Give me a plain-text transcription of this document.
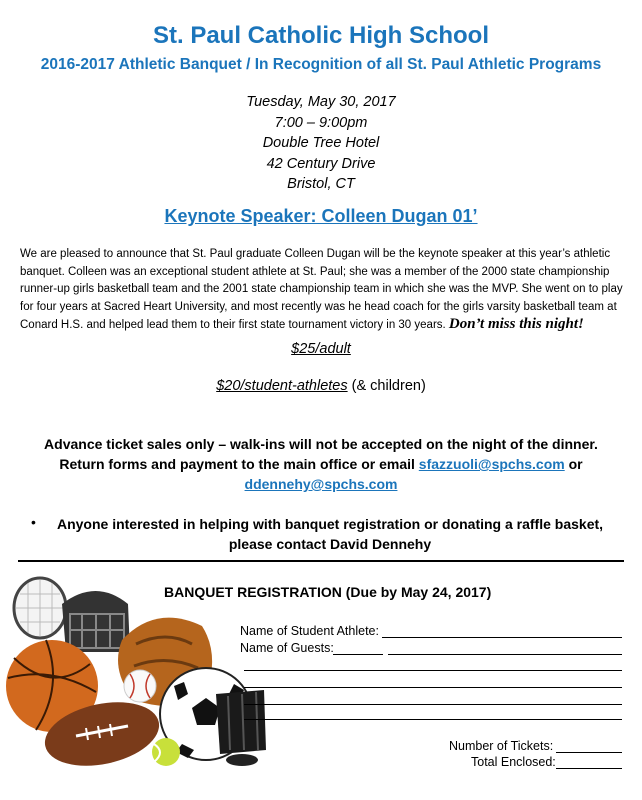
St. Paul Catholic High School
2016-2017 Athletic Banquet / In Recognition of all St. Paul Athletic Programs
Tuesday, May 30, 2017
7:00 – 9:00pm
Double Tree Hotel
42 Century Drive
Bristol, CT
Keynote Speaker: Colleen Dugan 01’
We are pleased to announce that St. Paul graduate Colleen Dugan will be the keynote speaker at this year’s athletic banquet. Colleen was an exceptional student athlete at St. Paul; she was a member of the 2000 state championship runner-up girls basketball team and the 2001 state championship team in which she was the MVP. She went on to play for four years at Sacred Heart University, and most recently was he head coach for the girls varsity basketball team at Conard H.S. and helped lead them to their first state tournament victory in 30 years. Don’t miss this night!
$25/adult
$20/student-athletes (& children)
Advance ticket sales only – walk-ins will not be accepted on the night of the dinner.
Return forms and payment to the main office or email sfazzuoli@spchs.com or
ddennehy@spchs.com
•	Anyone interested in helping with banquet registration or donating a raffle basket, please contact David Dennehy
BANQUET REGISTRATION (Due by May 24, 2017)
Name of Student Athlete:
Name of Guests:
Number of Tickets:
Total Enclosed:
